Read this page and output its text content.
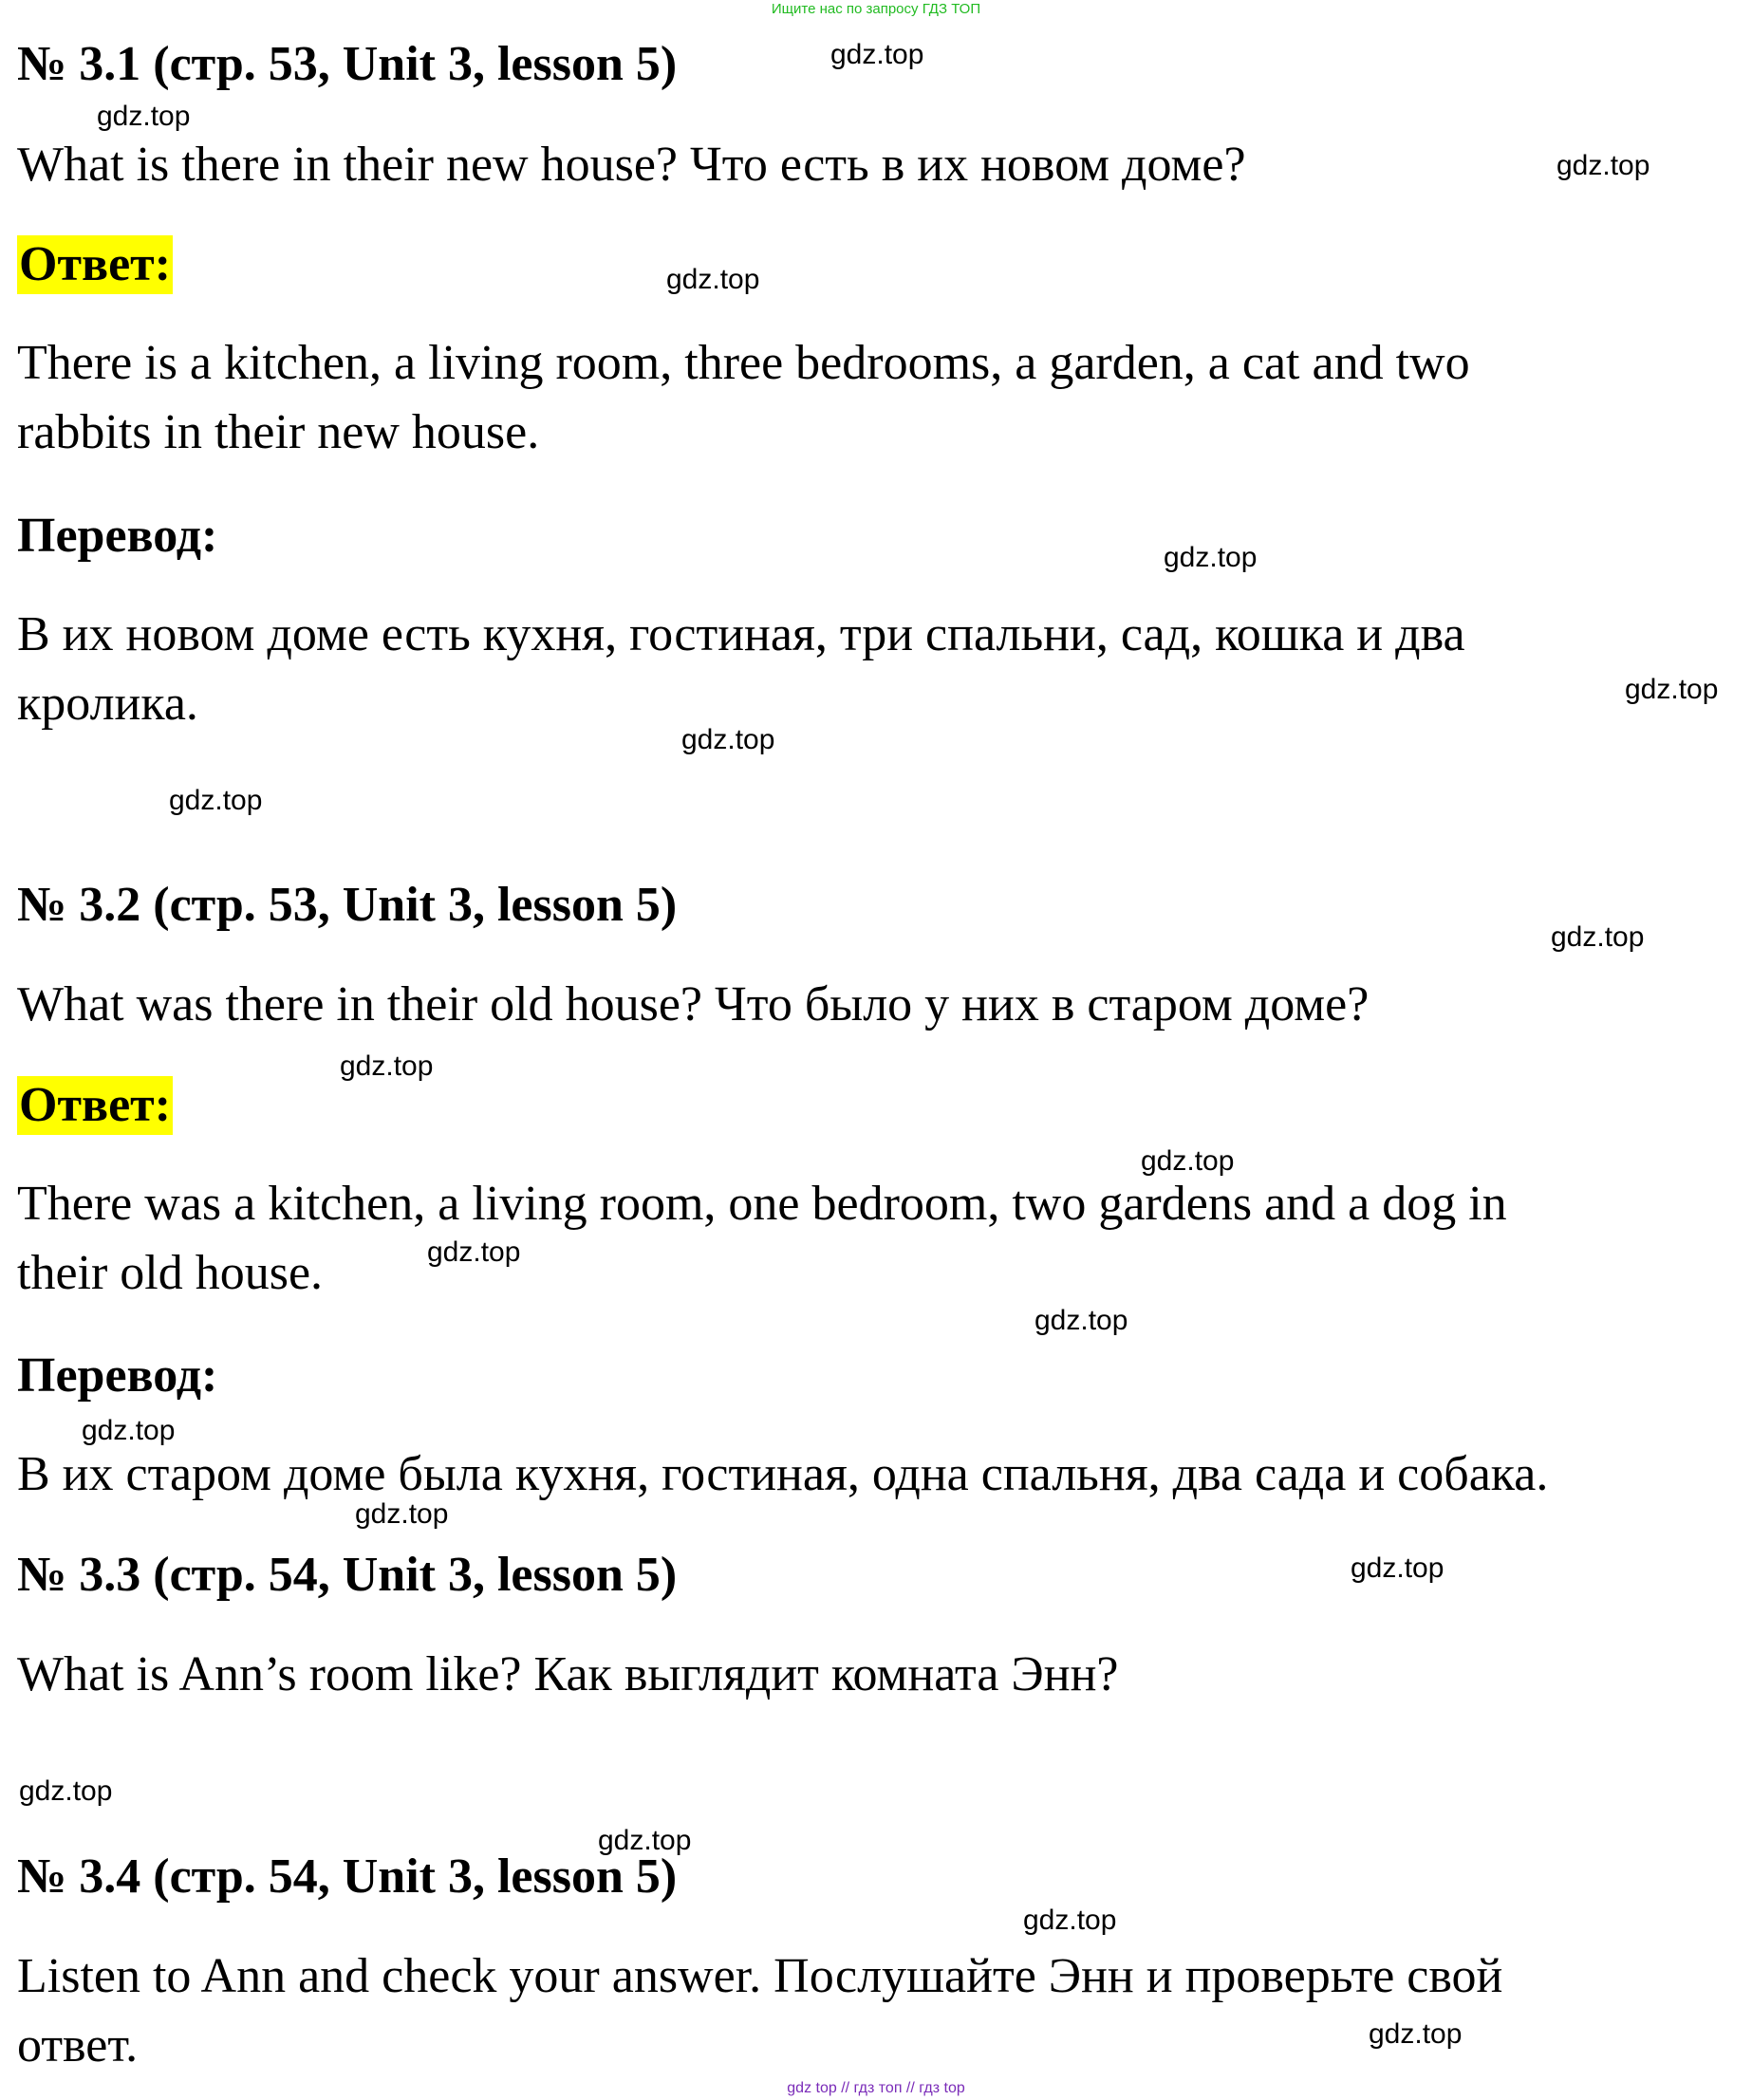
Ищите нас по запросу ГДЗ ТОП
№ 3.1 (стр. 53, Unit 3, lesson 5)
What is there in their new house? Что есть в их новом доме?
Ответ:
There is a kitchen, a living room, three bedrooms, a garden, a cat and two
rabbits in their new house.
Перевод:
В их новом доме есть кухня, гостиная, три спальни, сад, кошка и два
кролика.
№ 3.2 (стр. 53, Unit 3, lesson 5)
What was there in their old house? Что было у них в старом доме?
Ответ:
There was a kitchen, a living room, one bedroom, two gardens and a dog in
their old house.
Перевод:
В их старом доме была кухня, гостиная, одна спальня, два сада и собака.
№ 3.3 (стр. 54, Unit 3, lesson 5)
What is Ann’s room like? Как выглядит комната Энн?
№ 3.4 (стр. 54, Unit 3, lesson 5)
Listen to Ann and check your answer. Послушайте Энн и проверьте свой
ответ.
gdz.top
gdz.top
gdz.top
gdz.top
gdz.top
gdz.top
gdz.top
gdz.top
gdz.top
gdz.top
gdz.top
gdz.top
gdz.top
gdz.top
gdz.top
gdz.top
gdz.top
gdz.top
gdz.top
gdz.top
gdz top // гдз топ // гдз top
